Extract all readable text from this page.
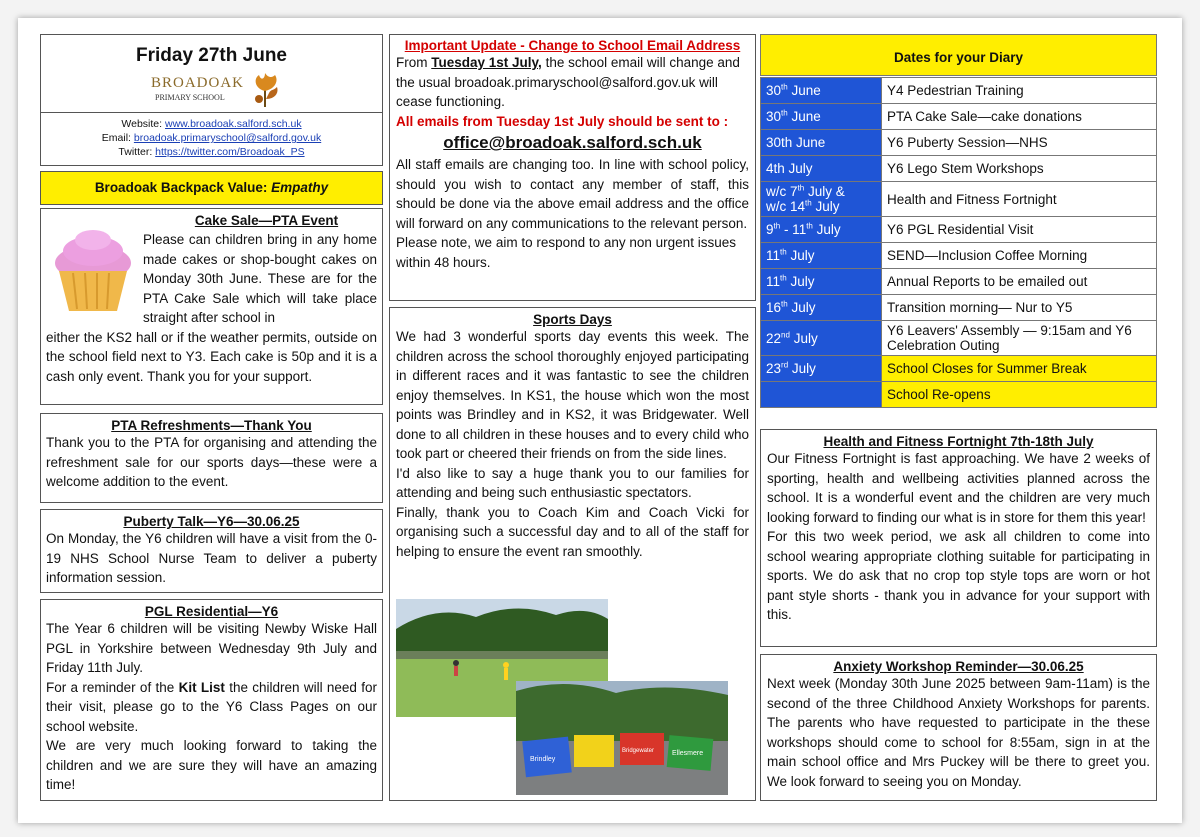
Friday 27th June
BROADOAK
PRIMARY SCHOOL
Website: www.broadoak.salford.sch.uk
Email: broadoak.primaryschool@salford.gov.uk
Twitter: https://twitter.com/Broadoak_PS
Broadoak Backpack Value: Empathy
Cake Sale—PTA Event
Please can children bring in any home made cakes or shop-bought cakes on Monday 30th June. These are for the PTA Cake Sale which will take place straight after school in
either the KS2 hall or if the weather permits, outside on the school field next to Y3. Each cake is 50p and it is a cash only event. Thank you for your support.
PTA Refreshments—Thank You
Thank you to the PTA for organising and attending the refreshment sale for our sports days—these were a welcome addition to the event.
Puberty Talk—Y6—30.06.25
On Monday, the Y6 children will have a visit from the 0-19 NHS School Nurse Team to deliver a puberty information session.
PGL Residential—Y6

The Year 6 children will be visiting Newby Wiske Hall PGL in Yorkshire between Wednesday 9th July and Friday 11th July.

For a reminder of the Kit List the children will need for their visit, please go to the Y6 Class Pages on our school website.

We are very much looking forward to taking the children and we are sure they will have an amazing time!

Important Update - Change to School Email Address

From Tuesday 1st July, the school email will change and the usual broadoak.primaryschool@salford.gov.uk will cease functioning.

All emails from Tuesday 1st July should be sent to :

office@broadoak.salford.sch.uk

All staff emails are changing too. In line with school policy, should you wish to contact any member of staff, this should be done via the above email address and the office will forward on any communications to the relevant person.

Please note, we aim to respond to any non urgent issues within 48 hours.

Sports Days

We had 3 wonderful sports day events this week. The children across the school thoroughly enjoyed participating in different races and it was fantastic to see the children enjoy themselves. In KS1, the house which won the most points was Brindley and in KS2, it was Bridgewater. Well done to all children in these houses and to every child who took part or cheered their friends on from the side lines.

I'd also like to say a huge thank you to our families for attending and being such enthusiastic spectators.

Finally, thank you to Coach Kim and Coach Vicki for organising such a successful day and to all of the staff for helping to ensure the event ran smoothly.

Brindley
Bridgewater	Ellesmere
Dates for your Diary
30th June	Y4 Pedestrian Training
30th June	PTA Cake Sale—cake donations
30th June	Y6 Puberty Session—NHS
4th July	Y6 Lego Stem Workshops
w/c 7th July &
w/c 14th July	Health and Fitness Fortnight
9th - 11th July	Y6 PGL Residential Visit
11th July	SEND—Inclusion Coffee Morning
11th July	Annual Reports to be emailed out
16th July	Transition morning— Nur to Y5
22nd July	Y6 Leavers' Assembly — 9:15am and Y6 Celebration Outing
23rd July	School Closes for Summer Break
	School Re-opens
Health and Fitness Fortnight 7th-18th July

Our Fitness Fortnight is fast approaching. We have 2 weeks of sporting, health and wellbeing activities planned across the school. It is a wonderful event and the children are very much looking forward to finding our what is in store for them this year!

For this two week period, we ask all children to come into school wearing appropriate clothing suitable for participating in sports. We do ask that no crop top style tops are worn or hot pant style shorts - thank you in advance for your support with this.

Anxiety Workshop Reminder—30.06.25
Next week (Monday 30th June 2025 between 9am-11am) is the second of the three Childhood Anxiety Workshops for parents. The parents who have requested to participate in the these workshops should come to school for 8:55am, sign in at the main school office and Mrs Puckey will be there to greet you. We look forward to seeing you on Monday.
